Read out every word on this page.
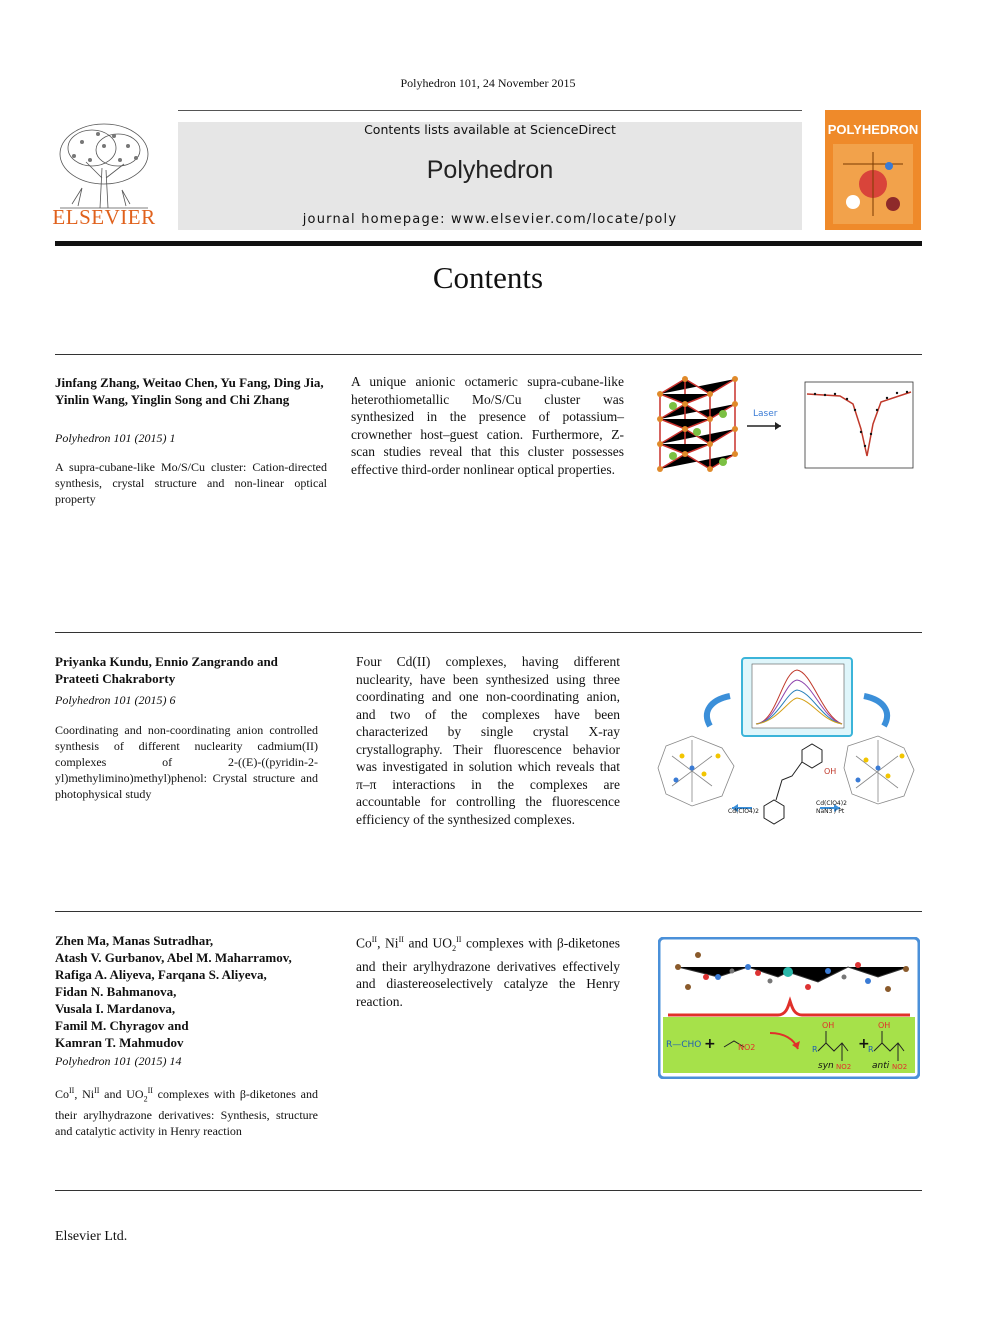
Polyhedron 101, 24 November 2015
ELSEVIER
Contents lists available at ScienceDirect
Polyhedron
journal homepage: www.elsevier.com/locate/poly
POLYHEDRON
Contents
Jinfang Zhang, Weitao Chen, Yu Fang, Ding Jia, Yinlin Wang, Yinglin Song and Chi Zhang
Polyhedron 101 (2015) 1
A supra-cubane-like Mo/S/Cu cluster: Cation-directed synthesis, crystal structure and non-linear optical property
A unique anionic octameric supra-cubane-like heterothiometallic Mo/S/Cu cluster was synthesized in the presence of potassium–crownether host–guest cation. Furthermore, Z-scan studies reveal that this cluster possesses effective third-order nonlinear optical properties.
Laser
Priyanka Kundu, Ennio Zangrando and Prateeti Chakraborty
Polyhedron 101 (2015) 6
Coordinating and non-coordinating anion controlled synthesis of different nuclearity cadmium(II) complexes of 2-((E)-((pyridin-2-yl)methylimino)methyl)phenol: Crystal structure and photophysical study
Four Cd(II) complexes, having different nuclearity, have been synthesized using three coordinating and one non-coordinating anion, and two of the complexes have been characterized by single crystal X-ray crystallography. Their fluorescence behavior was investigated in solution which reveals that π–π interactions in the complexes are accountable for controlling the fluorescence efficiency of the synthesized complexes.
OH
Cd(ClO4)2
Cd(ClO4)2 NaN3 / Pt
Zhen Ma, Manas Sutradhar,
Atash V. Gurbanov, Abel M. Maharramov,
Rafiga A. Aliyeva, Farqana S. Aliyeva,
Fidan N. Bahmanova,
Vusala I. Mardanova,
Famil M. Chyragov and
Kamran T. Mahmudov
Polyhedron 101 (2015) 14
$Co^{II}$, $Ni^{II}$ and $UO_2^{II}$ complexes with β-diketones and their arylhydrazone derivatives: Synthesis, structure and catalytic activity in Henry reaction
$Co^{II}$, $Ni^{II}$ and $UO_2^{II}$ complexes with β-diketones and their arylhydrazone derivatives effectively and diastereoselectively catalyze the Henry reaction.
R—CHO +	NO2	R
OH
NO2
syn
+
R
OH
NO2
anti
Elsevier Ltd.
